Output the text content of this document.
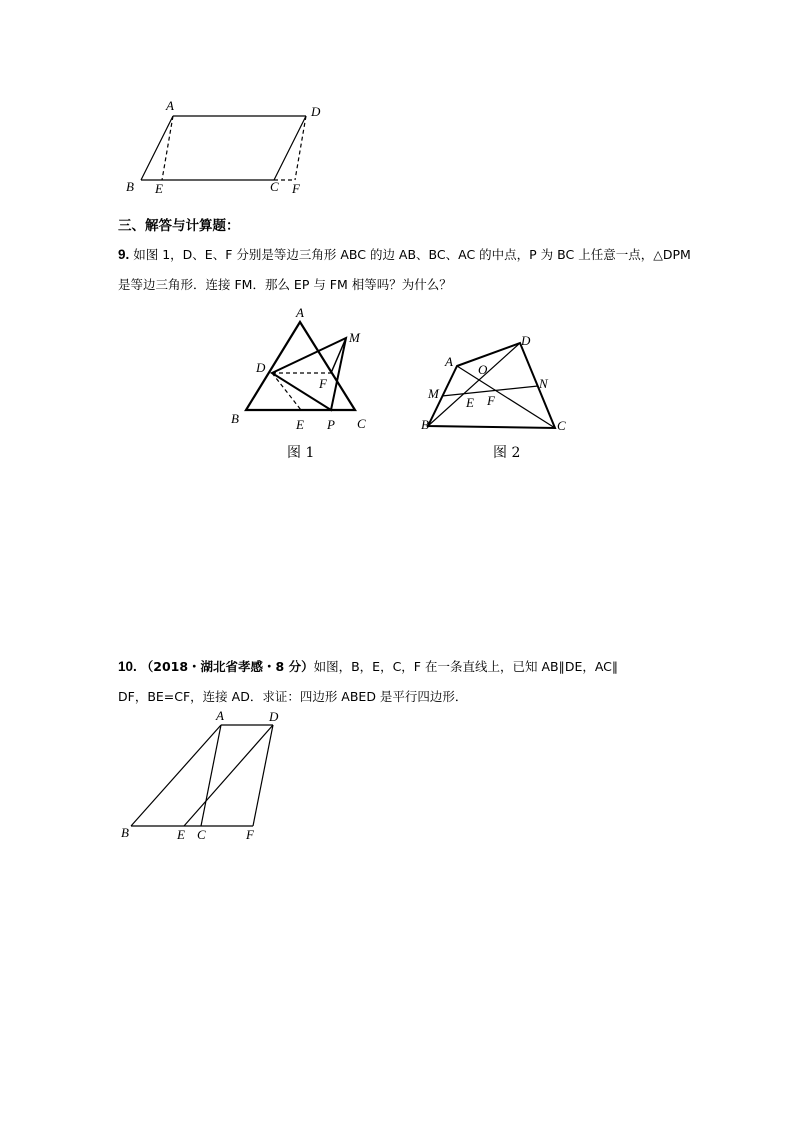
A	D
B E	C F
三、解答与计算题：
9. 如图 1，D、E、F 分别是等边三角形 ABC 的边 AB、BC、AC 的中点，P 为 BC 上任意一点，△DPM
是等边三角形．连接 FM．那么 EP 与 FM 相等吗？为什么？
A
M
D
F
B	E P C
图 1
A
D
O
M
N
E F
B	C
图 2
10. （2018・湖北省孝感・8 分）如图，B，E，C，F 在一条直线上，已知 AB∥DE，AC∥
DF，BE=CF，连接 AD．求证：四边形 ABED 是平行四边形．
A	D
B	E C	F
